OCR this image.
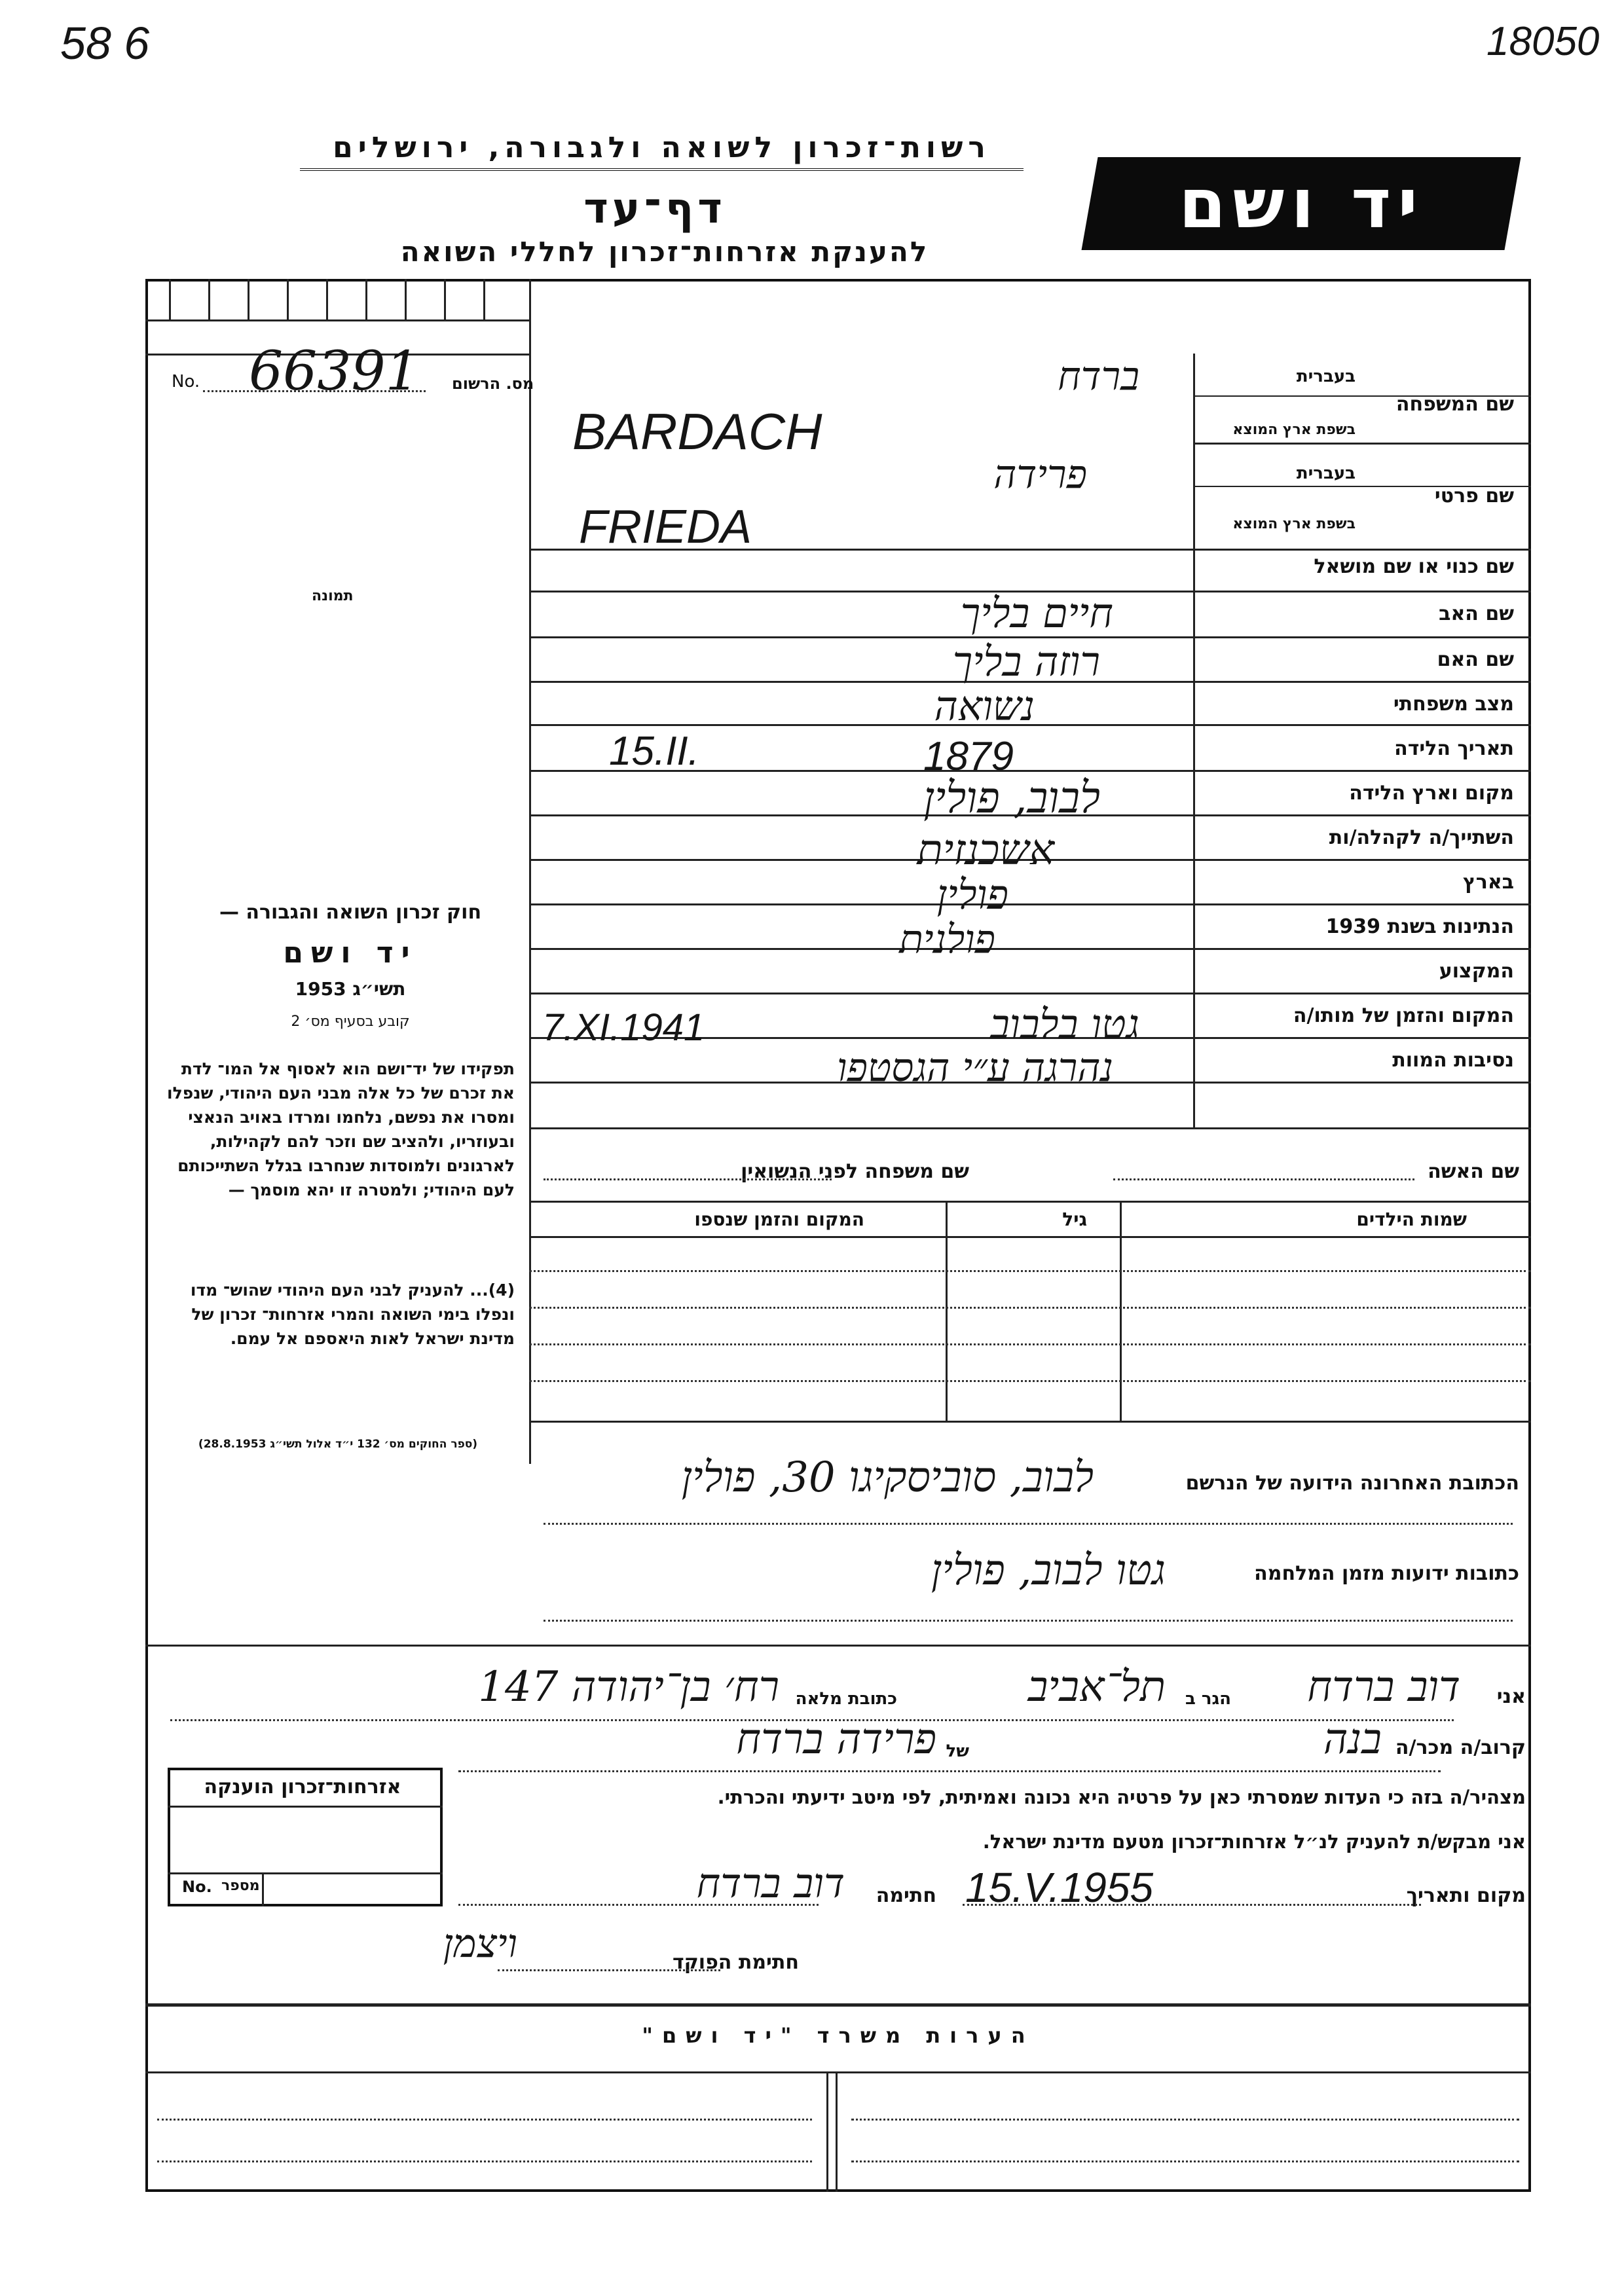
58 6	18050
רשות־זכרון לשואה ולגבורה, ירושלים
דף־עד
להענקת אזרחות־זכרון לחללי השואה
יד ושם
No. 66391 מס. הרשום
תמונה
שם המשפחה
בעברית
בשפת ארץ המוצא
שם פרטי
בעברית
בשפת ארץ המוצא
שם כנוי או שם מושאל
שם האב
שם האם
מצב משפחתי
תאריך הלידה
מקום וארץ הלידה
השתייך/ה לקהלה/ות
בארץ
הנתינות בשנת 1939
המקצוע
המקום והזמן של מותו/ה
נסיבות המוות
ברדח
BARDACH
פרידה
FRIEDA
חיים בליך
רוזה בליך
נשואה
15.II.	1879
לבוב, פולין
אשכנזית
פולין
פולנית
גטו בלבוב
7.XI.1941
נהרגה ע״י הגסטפו
חוק זכרון השואה והגבורה —
יד ושם
תשי״ג 1953
קובע בסעיף מס׳ 2
תפקידו של יד־ושם הוא לאסוף אל המו־ לדת את זכרם של כל אלה מבני העם היהודי, שנפלו ומסרו את נפשם, נלחמו ומרדו באויב הנאצי ובעוזריו, ולהציב שם וזכר להם לקהילות, לארגונים ולמוסדות שנחרבו בגלל השתייכותם לעם היהודי; ולמטרה זו יהא מוסמך —
(4)... להעניק לבני העם היהודי שהוש־ מדו ונפלו בימי השואה והמרי אזרחות־ זכרון של מדינת ישראל לאות היאספם אל עמם.
(ספר החוקים מס׳ 132 י״ד אלול תשי״ג 28.8.1953)
שם האשה
שם משפחה לפני הנשואין
שמות הילדים
גיל
המקום והזמן שנספו
הכתובת האחרונה הידועה של הנרשם
לבוב, סוביסקיגו 30, פולין
כתובות ידועות מזמן המלחמה
גטו לבוב, פולין
אני
דוב ברדח
הגר ב
תל־אביב
כתובת מלאה
רח׳ בן־יהודה 147
קרוב/ה מכר/ה
בנה
של
פרידה ברדח
מצהיר/ה בזה כי העדות שמסרתי כאן על פרטיה היא נכונה ואמיתית, לפי מיטב ידיעתי והכרתי.
אני מבקש/ת להעניק לנ״ל אזרחות־זכרון מטעם מדינת ישראל.
מקום ותאריך
15.V.1955
חתימה
דוב ברדח
חתימת הפוקד
ויצמן
אזרחות־זכרון הוענקה
No. מספר
הערות משרד "יד ושם"
